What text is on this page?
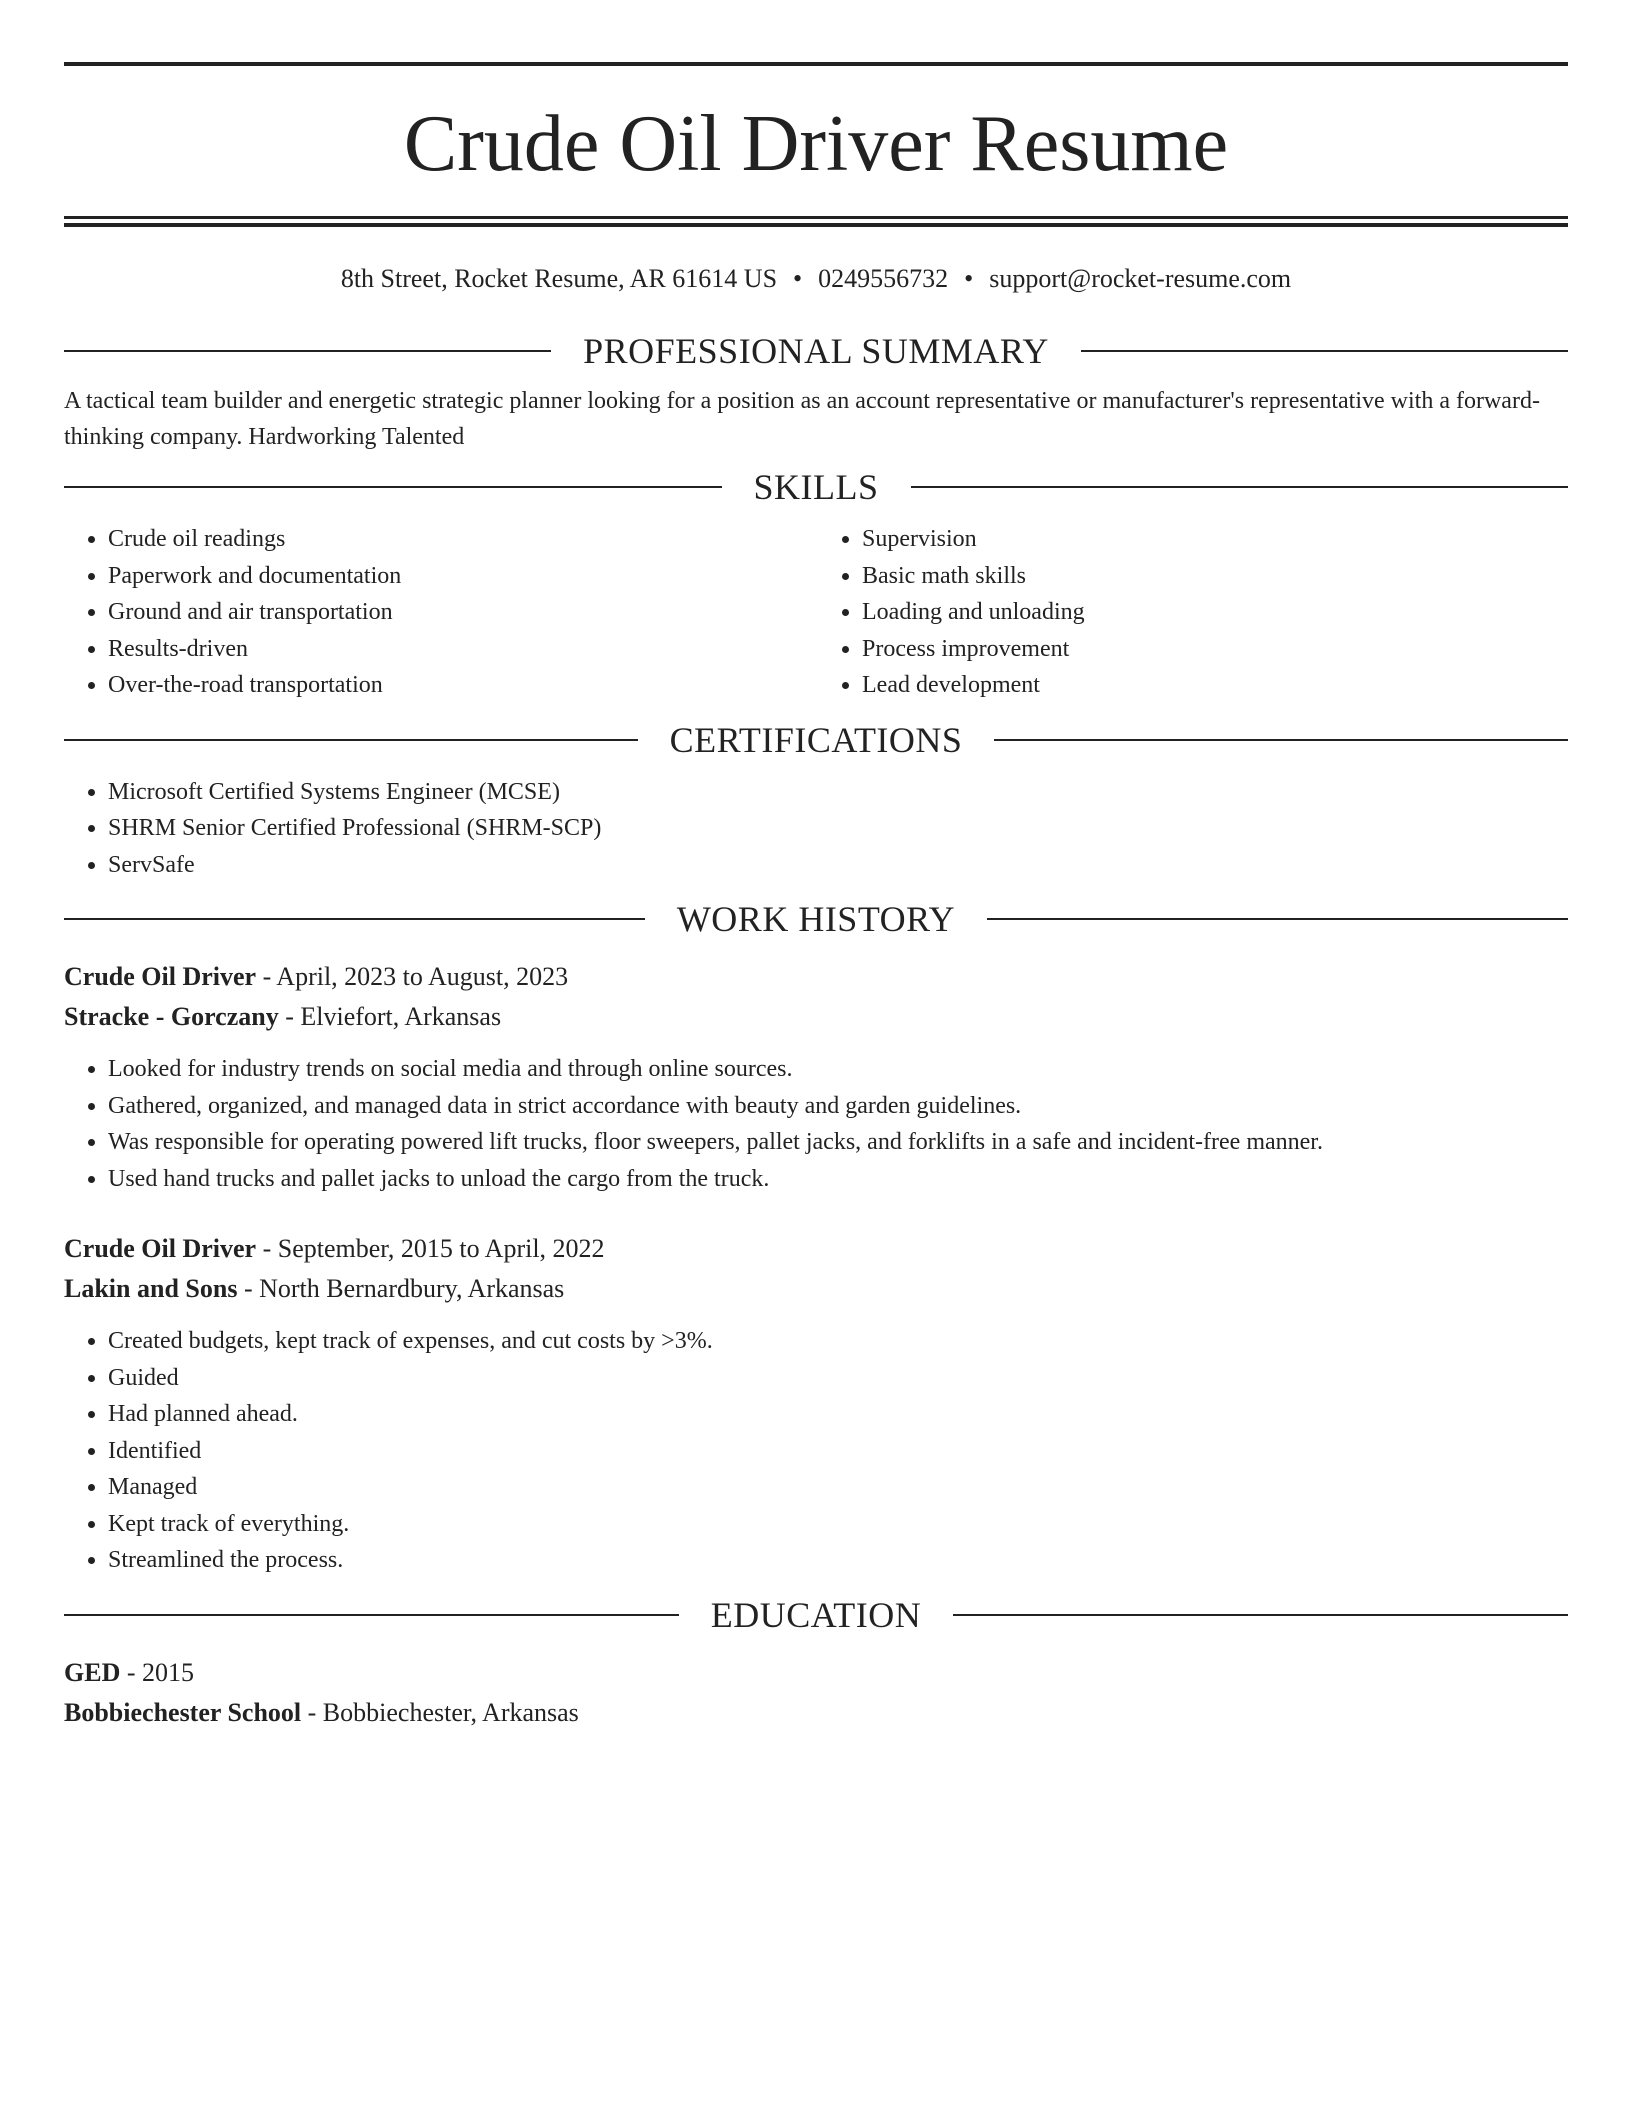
Crude Oil Driver Resume
8th Street, Rocket Resume, AR 61614 US • 0249556732 • support@rocket-resume.com
PROFESSIONAL SUMMARY

A tactical team builder and energetic strategic planner looking for a position as an account representative or manufacturer's representative with a forward-thinking company. Hardworking Talented

SKILLS
• Crude oil readings
• Paperwork and documentation
• Ground and air transportation
• Results-driven
• Over-the-road transportation
• Supervision
• Basic math skills
• Loading and unloading
• Process improvement
• Lead development
CERTIFICATIONS
• Microsoft Certified Systems Engineer (MCSE)
• SHRM Senior Certified Professional (SHRM-SCP)
• ServSafe
WORK HISTORY
Crude Oil Driver - April, 2023 to August, 2023
Stracke - Gorczany - Elviefort, Arkansas
• Looked for industry trends on social media and through online sources.
• Gathered, organized, and managed data in strict accordance with beauty and garden guidelines.
• Was responsible for operating powered lift trucks, floor sweepers, pallet jacks, and forklifts in a safe and incident-free manner.
• Used hand trucks and pallet jacks to unload the cargo from the truck.
Crude Oil Driver - September, 2015 to April, 2022
Lakin and Sons - North Bernardbury, Arkansas
• Created budgets, kept track of expenses, and cut costs by >3%.
• Guided
• Had planned ahead.
• Identified
• Managed
• Kept track of everything.
• Streamlined the process.
EDUCATION
GED - 2015
Bobbiechester School - Bobbiechester, Arkansas
